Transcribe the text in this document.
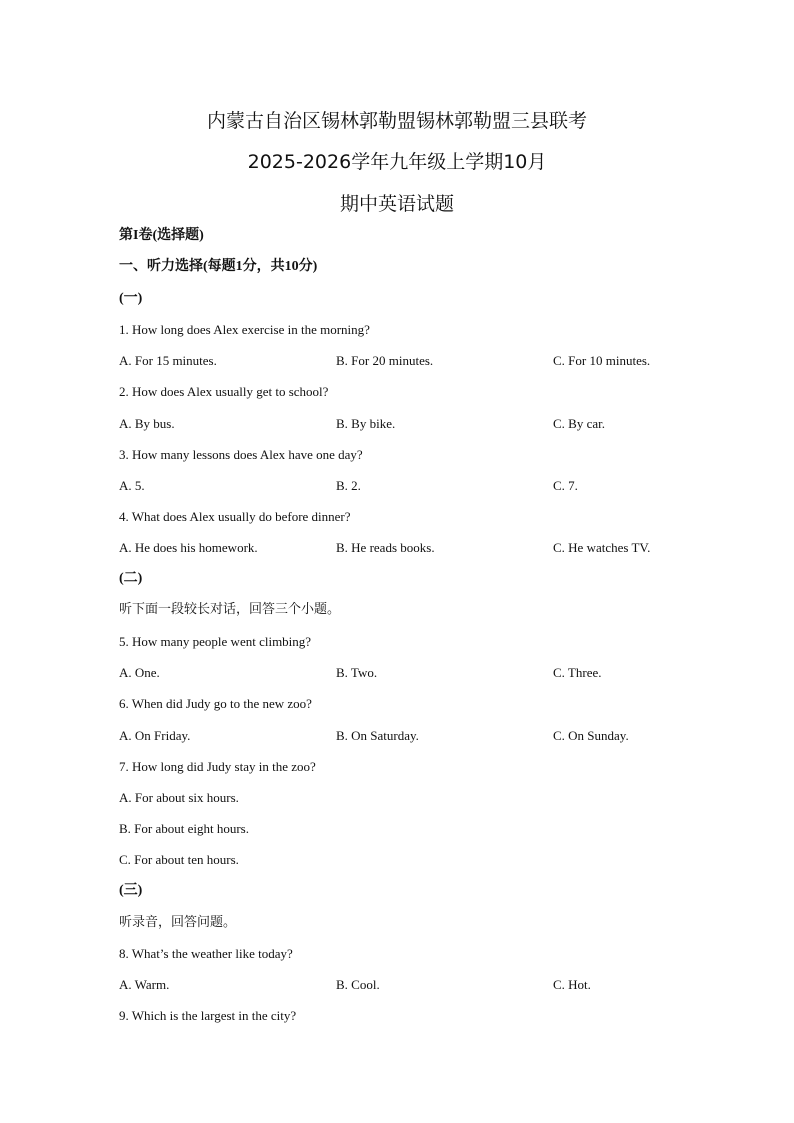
内蒙古自治区锡林郭勒盟锡林郭勒盟三县联考
2025-2026学年九年级上学期10月
期中英语试题
第I卷(选择题)
一、听力选择(每题1分，共10分)
(一)
1. How long does Alex exercise in the morning?
A. For 15 minutes.	B. For 20 minutes.	C. For 10 minutes.
2. How does Alex usually get to school?
A. By bus.	B. By bike.	C. By car.
3. How many lessons does Alex have one day?
A. 5.	B. 2.	C. 7.
4. What does Alex usually do before dinner?
A. He does his homework.	B. He reads books.	C. He watches TV.
(二)
听下面一段较长对话，回答三个小题。
5. How many people went climbing?
A. One.	B. Two.	C. Three.
6. When did Judy go to the new zoo?
A. On Friday.	B. On Saturday.	C. On Sunday.
7. How long did Judy stay in the zoo?
A. For about six hours.
B. For about eight hours.
C. For about ten hours.
(三)
听录音，回答问题。
8. What’s the weather like today?
A. Warm.	B. Cool.	C. Hot.
9. Which is the largest in the city?
